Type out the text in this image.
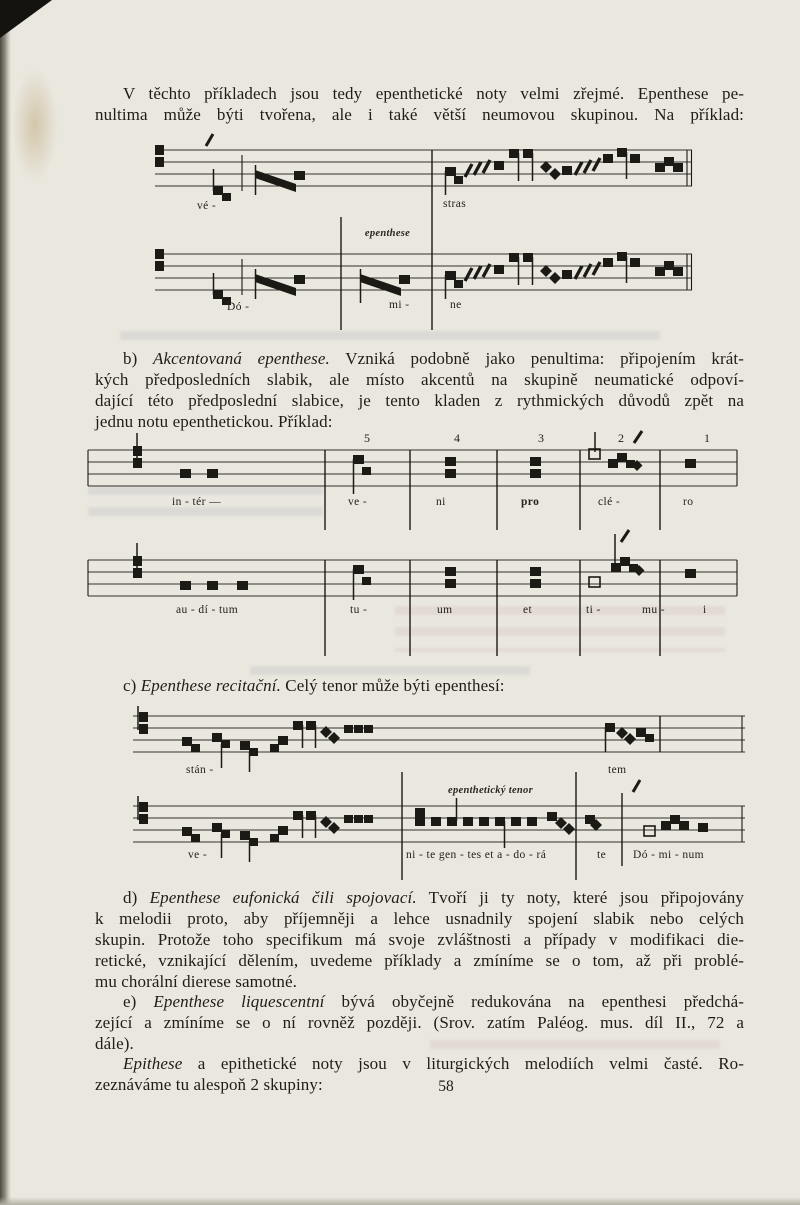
V těchto příkladech jsou tedy epenthetické noty velmi zřejmé. Epenthese pe-
nultima může býti tvořena, ale i také větší neumovou skupinou. Na příklad:
vé -	stras
epenthese
Dó -	mi -	ne
b) Akcentovaná epenthese. Vzniká podobně jako penultima: připojením krát-
kých předposledních slabik, ale místo akcentů na skupině neumatické odpoví-
dající této předposlední slabice, je tento kladen z rythmických důvodů zpět na
jednu notu epenthetickou. Příklad:
5	4	3	2	1
in - tér —	ve -	ni	pro	clé -	ro
au - dí - tum	tu -	um	et	ti -	mu -	i
c) Epenthese recitační. Celý tenor může býti epenthesí:
stán -	tem
epenthetický tenor
ve -	ni - te gen - tes et a - do - rá	te Dó - mi - num
d) Epenthese eufonická čili spojovací. Tvoří ji ty noty, které jsou připojovány
k melodii proto, aby příjemněji a lehce usnadnily spojení slabik nebo celých
skupin. Protože toho specifikum má svoje zvláštnosti a případy v modifikaci die-
retické, vznikající dělením, uvedeme příklady a zmíníme se o tom, až při problé-
mu chorální dierese samotné.
e) Epenthese liquescentní bývá obyčejně redukována na epenthesi předchá-
zející a zmíníme se o ní rovněž později. (Srov. zatím Paléog. mus. díl II., 72 a
dále).
Epithese a epithetické noty jsou v liturgických melodiích velmi časté. Ro-
zeznáváme tu alespoň 2 skupiny:	58
